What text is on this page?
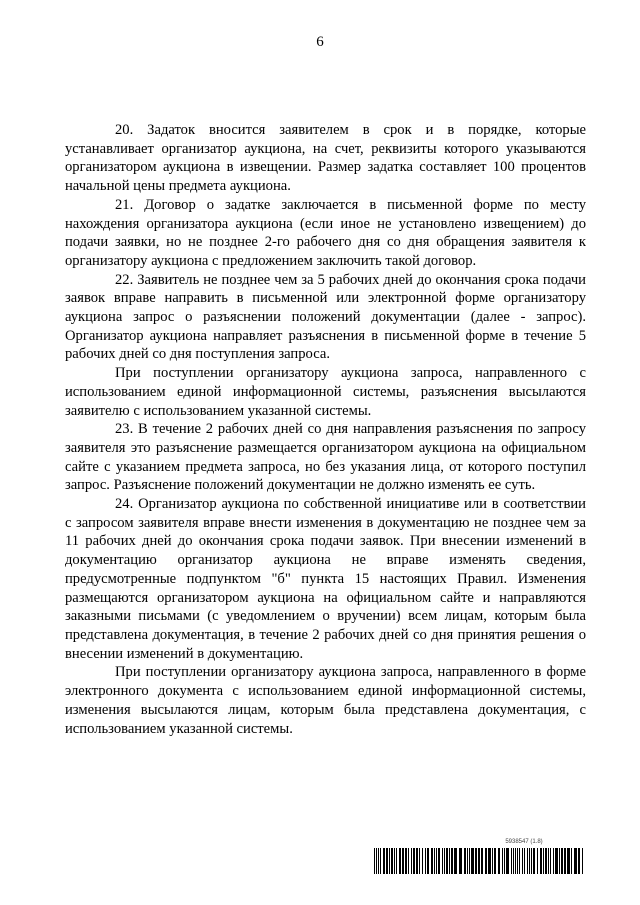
6

20. Задаток вносится заявителем в срок и в порядке, которые устанавливает организатор аукциона, на счет, реквизиты которого указываются организатором аукциона в извещении. Размер задатка составляет 100 процентов начальной цены предмета аукциона.

21. Договор о задатке заключается в письменной форме по месту нахождения организатора аукциона (если иное не установлено извещением) до подачи заявки, но не позднее 2-го рабочего дня со дня обращения заявителя к организатору аукциона с предложением заключить такой договор.

22. Заявитель не позднее чем за 5 рабочих дней до окончания срока подачи заявок вправе направить в письменной или электронной форме организатору аукциона запрос о разъяснении положений документации (далее - запрос). Организатор аукциона направляет разъяснения в письменной форме в течение 5 рабочих дней со дня поступления запроса.

При поступлении организатору аукциона запроса, направленного с использованием единой информационной системы, разъяснения высылаются заявителю с использованием указанной системы.

23. В течение 2 рабочих дней со дня направления разъяснения по запросу заявителя это разъяснение размещается организатором аукциона на официальном сайте с указанием предмета запроса, но без указания лица, от которого поступил запрос. Разъяснение положений документации не должно изменять ее суть.

24. Организатор аукциона по собственной инициативе или в соответствии с запросом заявителя вправе внести изменения в документацию не позднее чем за 11 рабочих дней до окончания срока подачи заявок. При внесении изменений в документацию организатор аукциона не вправе изменять сведения, предусмотренные подпунктом "б" пункта 15 настоящих Правил. Изменения размещаются организатором аукциона на официальном сайте и направляются заказными письмами (с уведомлением о вручении) всем лицам, которым была представлена документация, в течение 2 рабочих дней со дня принятия решения о внесении изменений в документацию.

При поступлении организатору аукциона запроса, направленного в форме электронного документа с использованием единой информационной системы, изменения высылаются лицам, которым была представлена документация, с использованием указанной системы.

5938547 (1.8)
